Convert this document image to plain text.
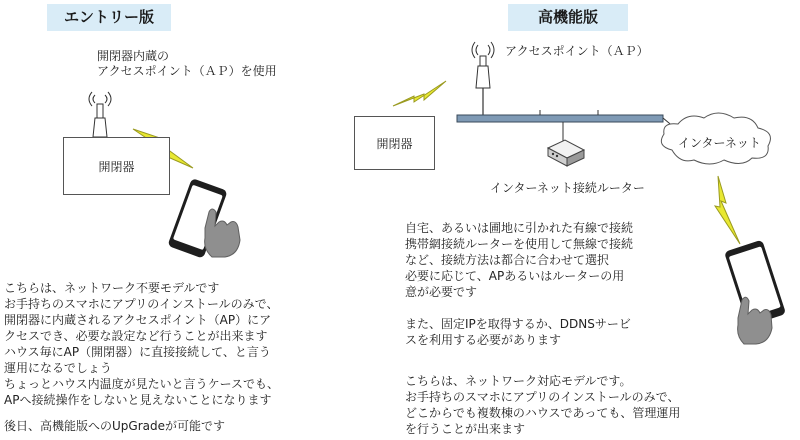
エントリー版
開閉器内蔵の
アクセスポイント（ＡＰ）を使用
開閉器
こちらは、ネットワーク不要モデルです
お手持ちのスマホにアプリのインストールのみで、
開閉器に内蔵されるアクセスポイント（AP）にア
クセスでき、必要な設定など行うことが出来ます
ハウス毎にAP（開閉器）に直接接続して、と言う
運用になるでしょう
ちょっとハウス内温度が見たいと言うケースでも、
APへ接続操作をしないと見えないことになります
後日、高機能版へのUpGradeが可能です
高機能版
アクセスポイント（ＡＰ）
開閉器	インターネット
インターネット接続ルーター
自宅、あるいは圃地に引かれた有線で接続
携帯網接続ルーターを使用して無線で接続
など、接続方法は都合に合わせて選択
必要に応じて、APあるいはルーターの用
意が必要です
また、固定IPを取得するか、DDNSサービ
スを利用する必要があります
こちらは、ネットワーク対応モデルです。
お手持ちのスマホにアプリのインストールのみで、
どこからでも複数棟のハウスであっても、管理運用
を行うことが出来ます
